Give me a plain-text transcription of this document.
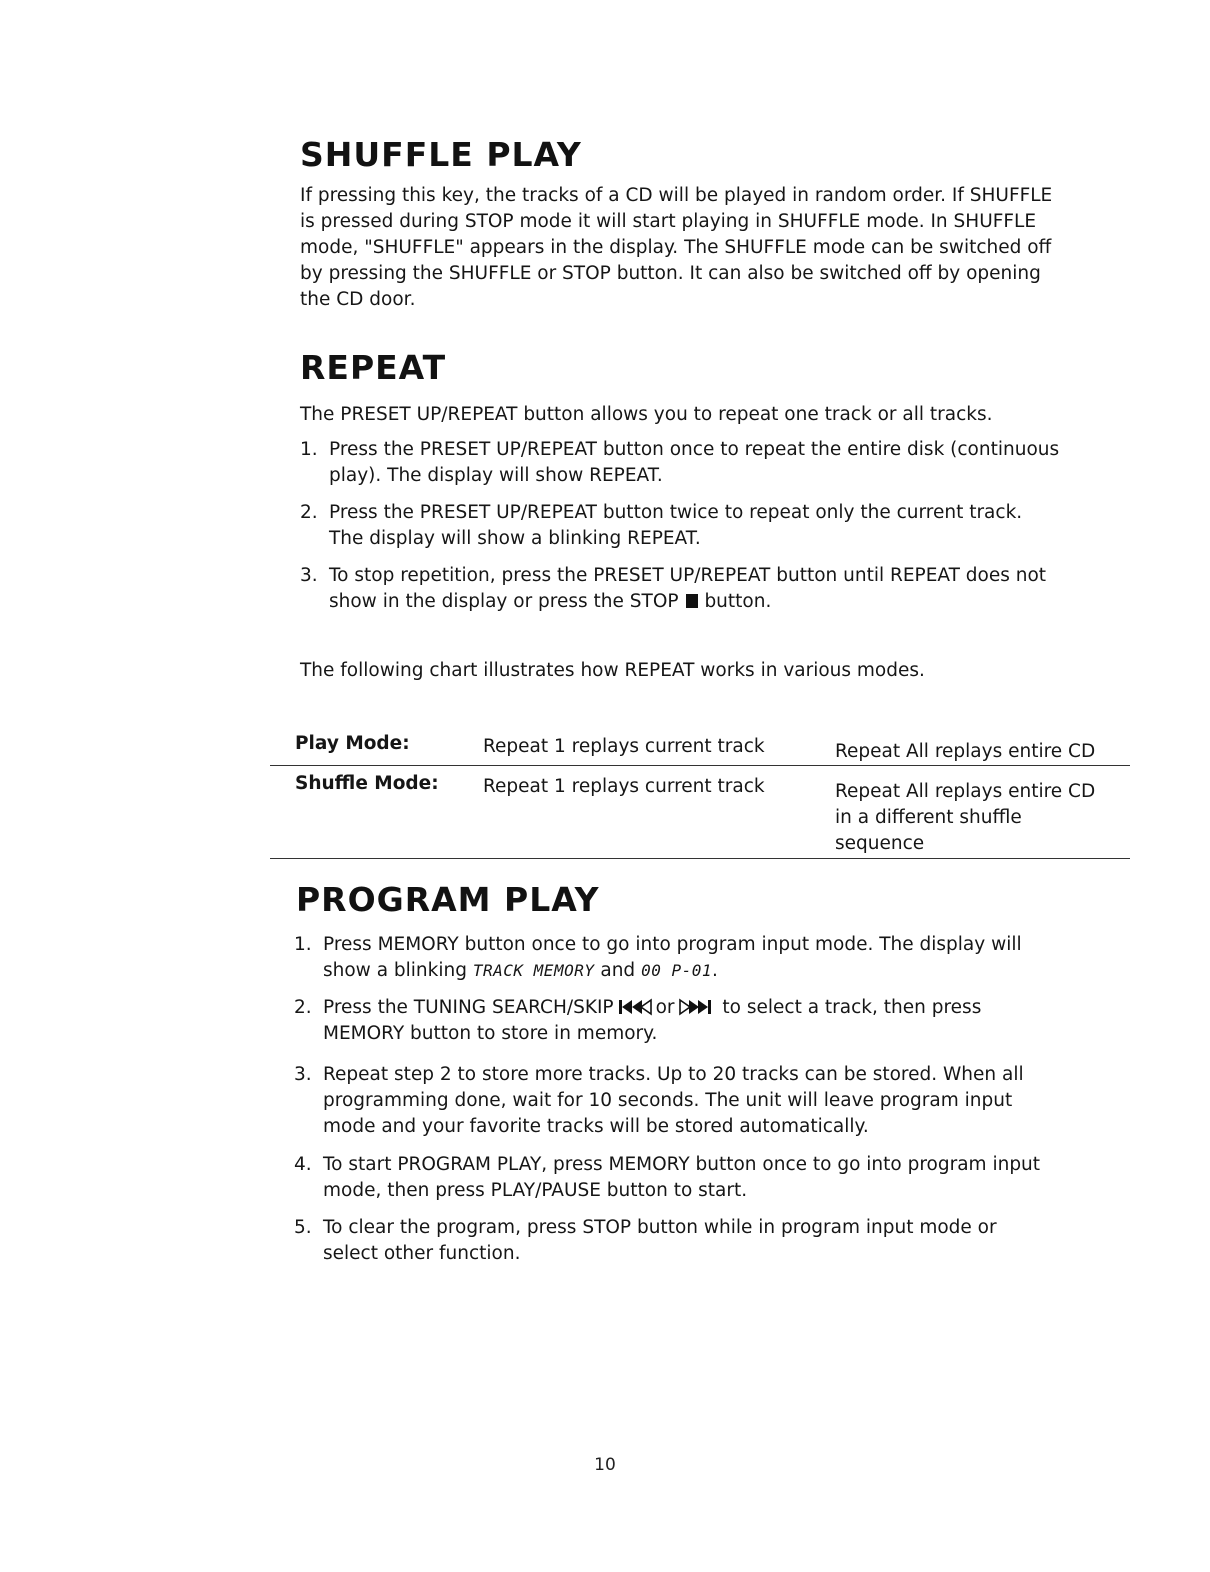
SHUFFLE PLAY
If pressing this key, the tracks of a CD will be played in random order. If SHUFFLE
is pressed during STOP mode it will start playing in SHUFFLE mode. In SHUFFLE
mode, "SHUFFLE" appears in the display. The SHUFFLE mode can be switched off
by pressing the SHUFFLE or STOP button. It can also be switched off by opening
the CD door.
REPEAT
The PRESET UP/REPEAT button allows you to repeat one track or all tracks.
1. Press the PRESET UP/REPEAT button once to repeat the entire disk (continuous
play). The display will show REPEAT.
2. Press the PRESET UP/REPEAT button twice to repeat only the current track.
The display will show a blinking REPEAT.
3. To stop repetition, press the PRESET UP/REPEAT button until REPEAT does not
show in the display or press the STOP button.
The following chart illustrates how REPEAT works in various modes.
Play Mode:	Repeat 1 replays current track	Repeat All replays entire CD
Shuffle Mode: Repeat 1 replays current track	Repeat All replays entire CD
in a different shuffle
sequence
PROGRAM PLAY
1. Press MEMORY button once to go into program input mode. The display will
show a blinking TRACK MEMORY and 00 P-01.
2. Press the TUNING SEARCH/SKIP or	to select a track, then press
MEMORY button to store in memory.
3. Repeat step 2 to store more tracks. Up to 20 tracks can be stored. When all
programming done, wait for 10 seconds. The unit will leave program input
mode and your favorite tracks will be stored automatically.
4. To start PROGRAM PLAY, press MEMORY button once to go into program input
mode, then press PLAY/PAUSE button to start.
5. To clear the program, press STOP button while in program input mode or
select other function.
10
